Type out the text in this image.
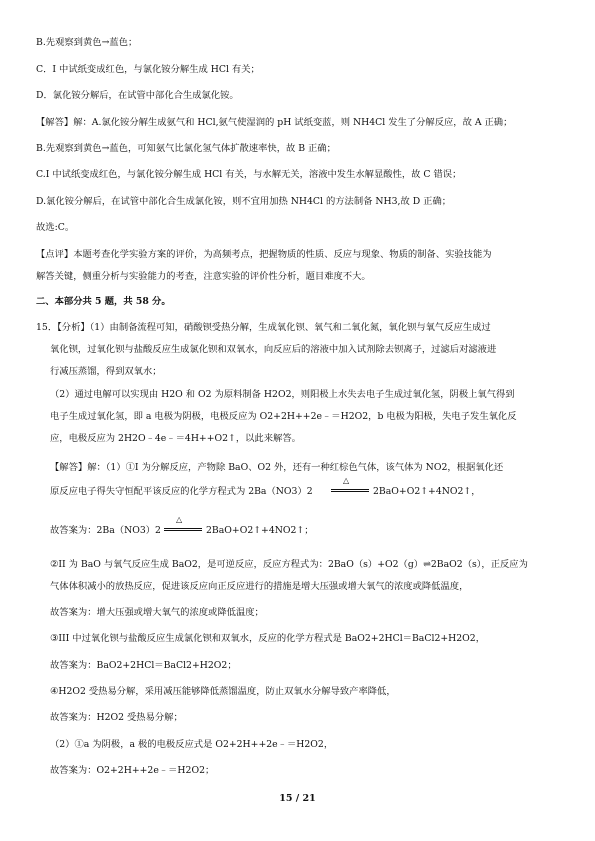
B.先观察到黄色→蓝色；
C．I 中试纸变成红色，与氯化铵分解生成 HCl 有关；
D．氯化铵分解后，在试管中部化合生成氯化铵。
【解答】解：A.氯化铵分解生成氨气和 HCl,氨气使湿润的 pH 试纸变蓝，则 NH4Cl 发生了分解反应，故 A 正确；
B.先观察到黄色→蓝色，可知氨气比氯化氢气体扩散速率快，故 B 正确；
C.I 中试纸变成红色，与氯化铵分解生成 HCl 有关，与水解无关，溶液中发生水解显酸性，故 C 错误；
D.氯化铵分解后，在试管中部化合生成氯化铵，则不宜用加热 NH4Cl 的方法制备 NH3,故 D 正确；
故选:C。
【点评】本题考查化学实验方案的评价，为高频考点，把握物质的性质、反应与现象、物质的制备、实验技能为
解答关键，侧重分析与实验能力的考查，注意实验的评价性分析，题目难度不大。
二、本部分共 5 题，共 58 分。
15．【分析】（1）由制备流程可知，硝酸钡受热分解，生成氧化钡、氧气和二氧化氮，氧化钡与氧气反应生成过
氧化钡，过氧化钡与盐酸反应生成氯化钡和双氧水，向反应后的溶液中加入试剂除去钡离子，过滤后对滤液进
行减压蒸馏，得到双氧水；
（2）通过电解可以实现由 H2O 和 O2 为原料制备 H2O2，则阳极上水失去电子生成过氧化氢，阴极上氧气得到
电子生成过氧化氢，即 a 电极为阴极，电极反应为 O2+2H++2e﹣＝H2O2，b 电极为阳极，失电子发生氧化反
应，电极反应为 2H2O﹣4e﹣＝4H++O2↑，以此来解答。
【解答】解：（1）①I 为分解反应，产物除 BaO、O2 外，还有一种红棕色气体，该气体为 NO2，根据氧化还
原反应电子得失守恒配平该反应的化学方程式为 2Ba（NO3）2
△
2BaO+O2↑+4NO2↑，
故答案为：2Ba（NO3）2
△
2BaO+O2↑+4NO2↑；
②II 为 BaO 与氧气反应生成 BaO2，是可逆反应，反应方程式为：2BaO（s）+O2（g）⇌2BaO2（s），正反应为
气体体积减小的放热反应，促进该反应向正反应进行的措施是增大压强或增大氧气的浓度或降低温度，
故答案为：增大压强或增大氧气的浓度或降低温度；
③III 中过氧化钡与盐酸反应生成氯化钡和双氧水，反应的化学方程式是 BaO2+2HCl＝BaCl2+H2O2，
故答案为：BaO2+2HCl＝BaCl2+H2O2；
④H2O2 受热易分解，采用减压能够降低蒸馏温度，防止双氧水分解导致产率降低，
故答案为：H2O2 受热易分解；
（2）①a 为阴极，a 极的电极反应式是 O2+2H++2e﹣＝H2O2，
故答案为：O2+2H++2e﹣＝H2O2；
15 / 21
